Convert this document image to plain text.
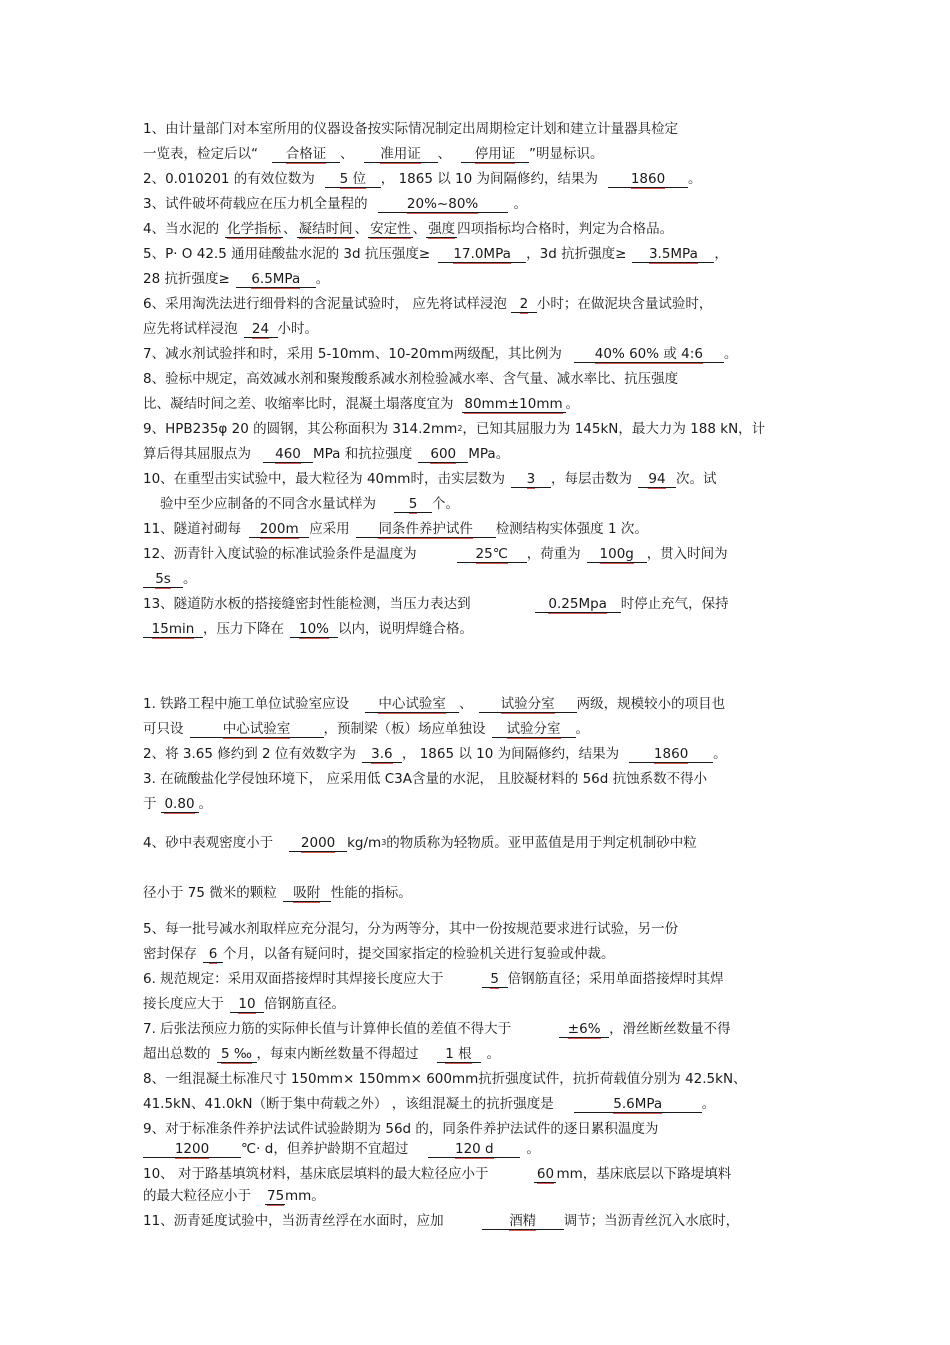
1、由计量部门对本室所用的仪器设备按实际情况制定出周期检定计划和建立计量器具检定
一览表，检定后以“ 合格证 、 准用证 、 停用证 ”明显标识。
2、0.010201 的有效位数为 5 位 ， 1865 以 10 为间隔修约，结果为 1860 。
3、试件破坏荷载应在压力机全量程的	20%~80%	。
4、当水泥的 化学指标 、 凝结时间 、 安定性 、 强度 四项指标均合格时，判定为合格品。
5、P· O 42.5 通用硅酸盐水泥的 3d 抗压强度≥ 17.0MPa ，3d 抗折强度≥ 3.5MPa ，
28 抗折强度≥ 6.5MPa 。
6、采用淘洗法进行细骨料的含泥量试验时， 应先将试样浸泡 2 小时；在做泥块含量试验时，
应先将试样浸泡 24 小时。
7、减水剂试验拌和时，采用 5-10mm、10-20mm两级配，其比例为 40% 60% 或 4:6 。
8、验标中规定，高效减水剂和聚羧酸系减水剂检验减水率、含气量、减水率比、抗压强度
比、凝结时间之差、收缩率比时，混凝土塌落度宜为 80mm±10mm 。
9、HPB235φ 20 的圆钢，其公称面积为 $314.2mm^2$，已知其屈服力为 145kN，最大力为 188 kN，计
算后得其屈服点为 460 MPa 和抗拉强度 600 MPa。
10、在重型击实试验中，最大粒径为 40mm时，击实层数为 3 ，每层击数为 94 次。试
验中至少应制备的不同含水量试样为 5 个。
11、隧道衬砌每 200m 应采用 同条件养护试件 检测结构实体强度 1 次。
12、沥青针入度试验的标准试验条件是温度为	25℃ ，荷重为 100g ，贯入时间为
5s 。
13、隧道防水板的搭接缝密封性能检测，当压力表达到	0.25Mpa 时停止充气，保持
15min ，压力下降在 10% 以内，说明焊缝合格。
1. 铁路工程中施工单位试验室应设 中心试验室 、 试验分室 两级，规模较小的项目也
可只设	中心试验室 ，预制梁（板）场应单独设 试验分室 。
2、将 3.65 修约到 2 位有效数字为 3.6 ， 1865 以 10 为间隔修约，结果为	1860 。
3. 在硫酸盐化学侵蚀环境下， 应采用低 C3A含量的水泥， 且胶凝材料的 56d 抗蚀系数不得小
于 0.80 。
4、砂中表观密度小于 2000 $kg/m^3$的物质称为轻物质。亚甲蓝值是用于判定机制砂中粒
径小于 75 微米的颗粒 吸附 性能的指标。
5、每一批号减水剂取样应充分混匀，分为两等分，其中一份按规范要求进行试验，另一份
密封保存 6 个月，以备有疑问时，提交国家指定的检验机关进行复验或仲裁。
6. 规范规定：采用双面搭接焊时其焊接长度应大于	5 倍钢筋直径；采用单面搭接焊时其焊
接长度应大于 10 倍钢筋直径。
7. 后张法预应力筋的实际伸长值与计算伸长值的差值不得大于	±6% ，滑丝断丝数量不得
超出总数的 5 ‰ ，每束内断丝数量不得超过 1 根 。
8、一组混凝土标准尺寸 150mm× 150mm× 600mm抗折强度试件，抗折荷载值分别为 42.5kN、
41.5kN、41.0kN（断于集中荷载之外） ，该组混凝土的抗折强度是	5.6MPa	。
9、对于标准条件养护法试件试验龄期为 56d 的，同条件养护法试件的逐日累积温度为
1200 ℃· d，但养护龄期不宜超过	120 d 。
10、 对于路基填筑材料，基床底层填料的最大粒径应小于	60 mm，基床底层以下路堤填料
的最大粒径应小于 75mm。
11、沥青延度试验中，当沥青丝浮在水面时，应加	酒精 调节；当沥青丝沉入水底时，
